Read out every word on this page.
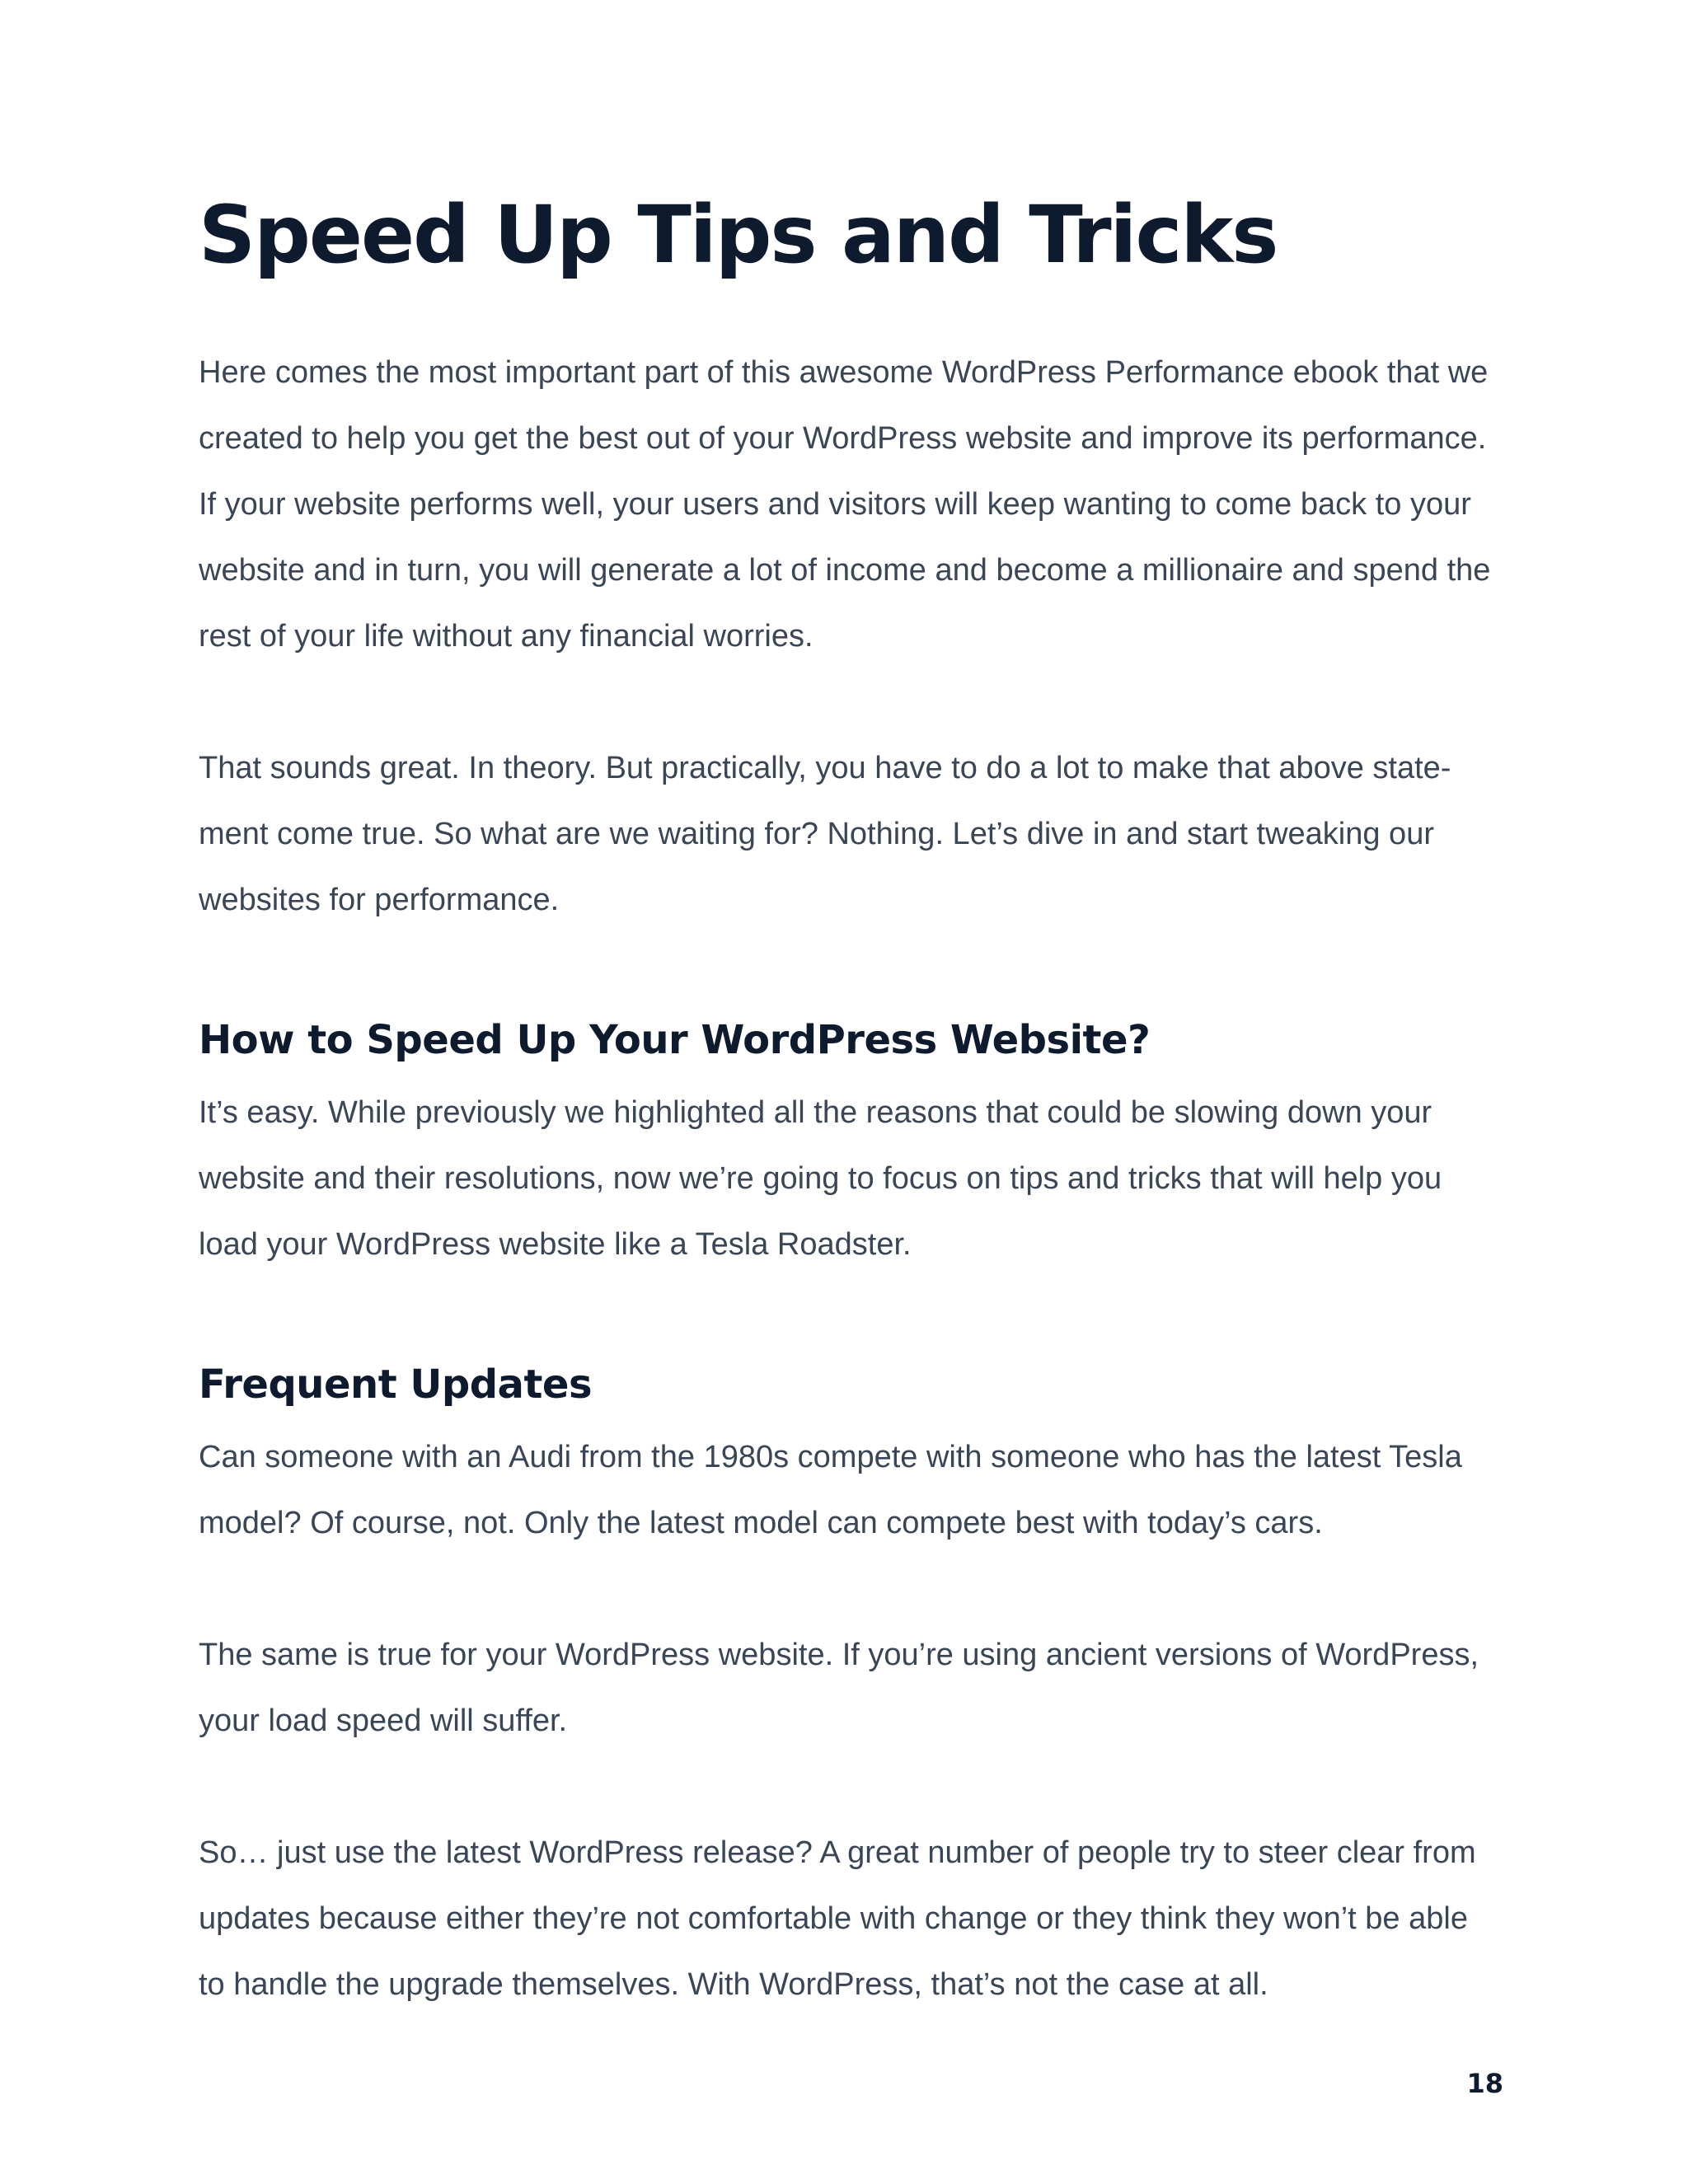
Speed Up Tips and Tricks

Here comes the most important part of this awesome WordPress Performance ebook that we created to help you get the best out of your WordPress website and improve its performance. If your website performs well, your users and visitors will keep wanting to come back to your website and in turn, you will generate a lot of income and become a millionaire and spend the rest of your life without any financial worries.

That sounds great. In theory. But practically, you have to do a lot to make that above statement come true. So what are we waiting for? Nothing. Let’s dive in and start tweaking our websites for performance.

How to Speed Up Your WordPress Website?

It’s easy. While previously we highlighted all the reasons that could be slowing down your website and their resolutions, now we’re going to focus on tips and tricks that will help you load your WordPress website like a Tesla Roadster.

Frequent Updates

Can someone with an Audi from the 1980s compete with someone who has the latest Tesla model? Of course, not. Only the latest model can compete best with today’s cars.

The same is true for your WordPress website. If you’re using ancient versions of WordPress, your load speed will suffer.

So… just use the latest WordPress release? A great number of people try to steer clear from updates because either they’re not comfortable with change or they think they won’t be able to handle the upgrade themselves. With WordPress, that’s not the case at all.

18
